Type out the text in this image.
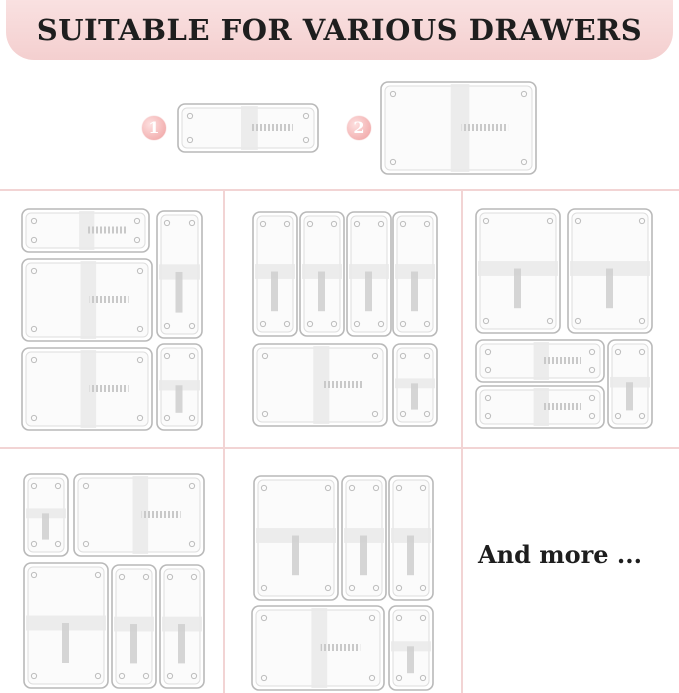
SUITABLE FOR VARIOUS DRAWERS
1	2
And more ...
